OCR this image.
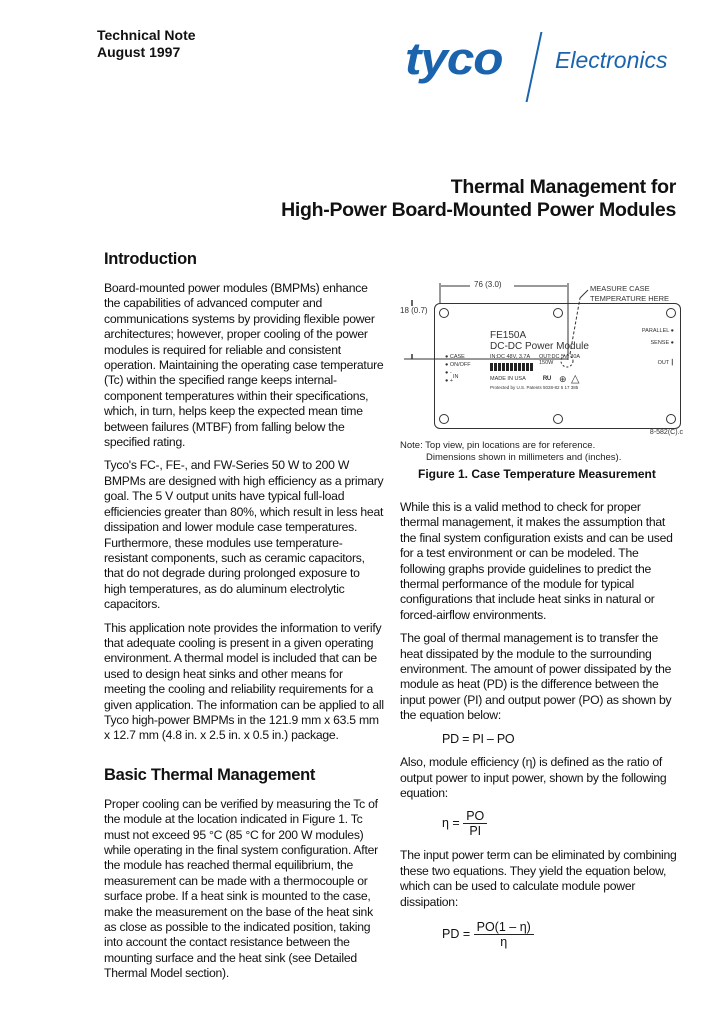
Technical Note
August 1997	tyco Electronics
Thermal Management for
High-Power Board-Mounted Power Modules
Introduction

Board-mounted power modules (BMPMs) enhance the capabilities of advanced computer and communications systems by providing flexible power architectures; however, proper cooling of the power modules is required for reliable and consistent operation. Maintaining the operating case temperature (Tc) within the specified range keeps internal-component temperatures within their specifications, which, in turn, helps keep the expected mean time between failures (MTBF) from falling below the specified rating.

Tyco's FC-, FE-, and FW-Series 50 W to 200 W BMPMs are designed with high efficiency as a primary goal. The 5 V output units have typical full-load efficiencies greater than 80%, which result in less heat dissipation and lower module case temperatures. Furthermore, these modules use temperature-resistant components, such as ceramic capacitors, that do not degrade during prolonged exposure to high temperatures, as do aluminum electrolytic capacitors.

This application note provides the information to verify that adequate cooling is present in a given operating environment. A thermal model is included that can be used to design heat sinks and other means for meeting the cooling and reliability requirements for a given application. The information can be applied to all Tyco high-power BMPMs in the 121.9 mm x 63.5 mm x 12.7 mm (4.8 in. x 2.5 in. x 0.5 in.) package.

Basic Thermal Management

Proper cooling can be verified by measuring the Tc of the module at the location indicated in Figure 1. Tc must not exceed 95 °C (85 °C for 200 W modules) while operating in the final system configuration. After the module has reached thermal equilibrium, the measurement can be made with a thermocouple or surface probe. If a heat sink is mounted to the case, make the measurement on the base of the heat sink as close as possible to the indicated position, taking into account the contact resistance between the mounting surface and the heat sink (see Detailed Thermal Model section).

76 (3.0)
18 (0.7)
MEASURE CASE TEMPERATURE HERE
FE150A
DC-DC Power Module
IN:DC 48V, 3.7A OUT:DC 5V, 30A
150W
MADE IN USA ᴿᵁ ⊕ △
Protected by U.S. Patents 5028-82 5 17 385
● CASE
● ON/OFF
● -
● +
IN
PARALLEL ●
SENSE ●
OUT ┃
8-582(C).c
Note: Top view, pin locations are for reference.
Dimensions shown in millimeters and (inches).
Figure 1. Case Temperature Measurement

While this is a valid method to check for proper thermal management, it makes the assumption that the final system configuration exists and can be used for a test environment or can be modeled. The following graphs provide guidelines to predict the thermal performance of the module for typical configurations that include heat sinks in natural or forced-airflow environments.

The goal of thermal management is to transfer the heat dissipated by the module to the surrounding environment. The amount of power dissipated by the module as heat (PD) is the difference between the input power (PI) and output power (PO) as shown by the equation below:

PD = PI – PO

Also, module efficiency (η) is defined as the ratio of output power to input power, shown by the following equation:

$\eta = \frac{PO}{PI}$

The input power term can be eliminated by combining these two equations. They yield the equation below, which can be used to calculate module power dissipation:

PD = $\frac{PO(1 - \eta)}{\eta}$
